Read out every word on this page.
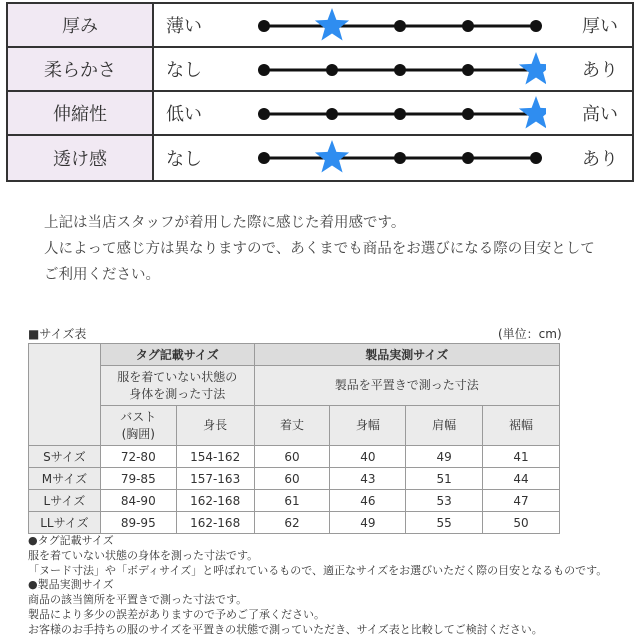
厚み	薄い	厚い
柔らかさ	なし	あり
伸縮性	低い	高い
透け感	なし	あり
上記は当店スタッフが着用した際に感じた着用感です。
人によって感じ方は異なりますので、あくまでも商品をお選びになる際の目安として
ご利用ください。
■サイズ表	(単位：cm)
	タグ記載サイズ		製品実測サイズ			

	服を着ていない状態の
身体を測った寸法		製品を平置きで測った寸法			

	バスト
(胸囲)	身長	着丈	身幅	肩幅	裾幅
Sサイズ	72-80	154-162	60	40	49	41
Mサイズ	79-85	157-163	60	43	51	44
Lサイズ	84-90	162-168	61	46	53	47
LLサイズ	89-95	162-168	62	49	55	50
●タグ記載サイズ
服を着ていない状態の身体を測った寸法です。
「ヌード寸法」や「ボディサイズ」と呼ばれているもので、適正なサイズをお選びいただく際の目安となるものです。
●製品実測サイズ
商品の該当箇所を平置きで測った寸法です。
製品により多少の誤差がありますので予めご了承ください。
お客様のお手持ちの服のサイズを平置きの状態で測っていただき、サイズ表と比較してご検討ください。
